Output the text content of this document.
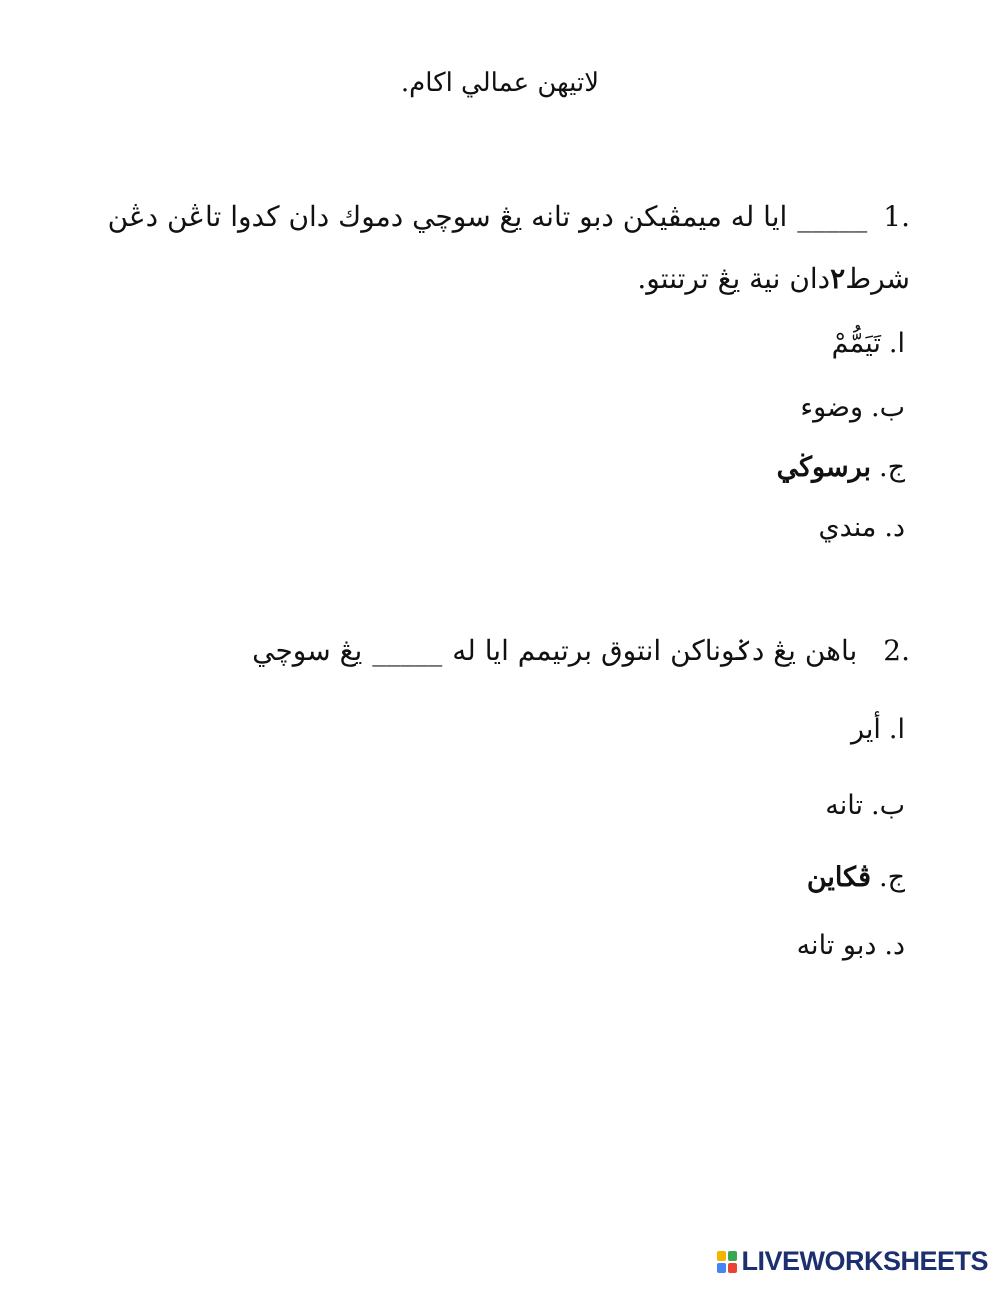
لاتيهن عمالي اكام.
1._____ايا له ميمڤيكن دبو تانه يڠ سوچي دموك دان كدوا تاڠن دڠن
شرط٢دان نية يڠ ترتنتو.
ا.تَيَمُّمْ
ب.وضوء
ج.برسوڬي
د.مندي
2.باهن يڠ دݢوناكن انتوق برتيمم ايا له_____يڠ سوچي
ا.أير
ب.تانه
ج.ڤكاين
د.دبو تانه
LIVEWORKSHEETS
